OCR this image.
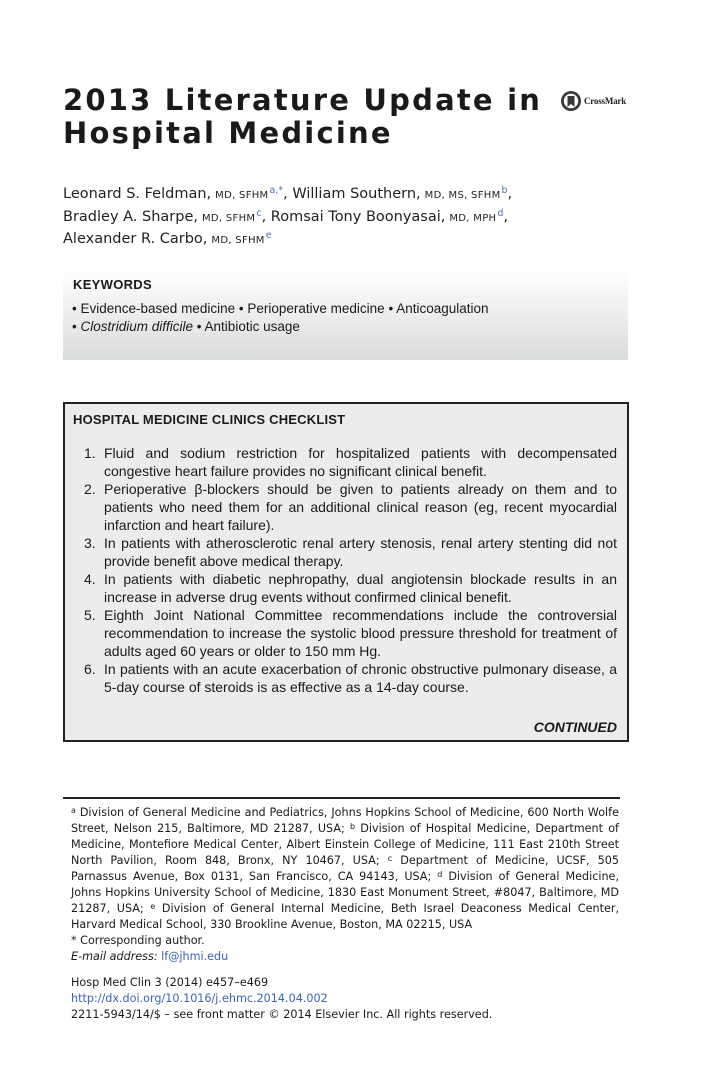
2013 Literature Update in
Hospital Medicine
CrossMark
Leonard S. Feldman, MD, $SFHM^{a,*}$, William Southern, MD, MS, SFHM$^b$,
Bradley A. Sharpe, MD, SFHM$^c$, Romsai Tony Boonyasai, MD, MPH$^d$,
Alexander R. Carbo, MD, SFHM$^e$
KEYWORDS
• Evidence-based medicine • Perioperative medicine • Anticoagulation
• Clostridium difficile • Antibiotic usage
HOSPITAL MEDICINE CLINICS CHECKLIST
1. Fluid and sodium restriction for hospitalized patients with decompensated congestive heart failure provides no significant clinical benefit.
2. Perioperative β-blockers should be given to patients already on them and to patients who need them for an additional clinical reason (eg, recent myocardial infarction and heart failure).
3. In patients with atherosclerotic renal artery stenosis, renal artery stenting did not provide benefit above medical therapy.
4. In patients with diabetic nephropathy, dual angiotensin blockade results in an increase in adverse drug events without confirmed clinical benefit.
5. Eighth Joint National Committee recommendations include the controversial recommendation to increase the systolic blood pressure threshold for treatment of adults aged 60 years or older to 150 mm Hg.
6. In patients with an acute exacerbation of chronic obstructive pulmonary disease, a 5-day course of steroids is as effective as a 14-day course.
CONTINUED

$^a$ Division of General Medicine and Pediatrics, Johns Hopkins School of Medicine, 600 North Wolfe Street, Nelson 215, Baltimore, MD 21287, USA; $^b$ Division of Hospital Medicine, Department of Medicine, Montefiore Medical Center, Albert Einstein College of Medicine, 111 East 210th Street North Pavilion, Room 848, Bronx, NY 10467, USA; $^c$ Department of Medicine, UCSF, 505 Parnassus Avenue, Box 0131, San Francisco, CA 94143, USA; $^d$ Division of General Medicine, Johns Hopkins University School of Medicine, 1830 East Monument Street, #8047, Baltimore, MD 21287, USA; $^e$ Division of General Internal Medicine, Beth Israel Deaconess Medical Center, Harvard Medical School, 330 Brookline Avenue, Boston, MA 02215, USA

* Corresponding author.

E-mail address: lf@jhmi.edu

Hosp Med Clin 3 (2014) e457–e469
http://dx.doi.org/10.1016/j.ehmc.2014.04.002
2211-5943/14/$ – see front matter © 2014 Elsevier Inc. All rights reserved.
